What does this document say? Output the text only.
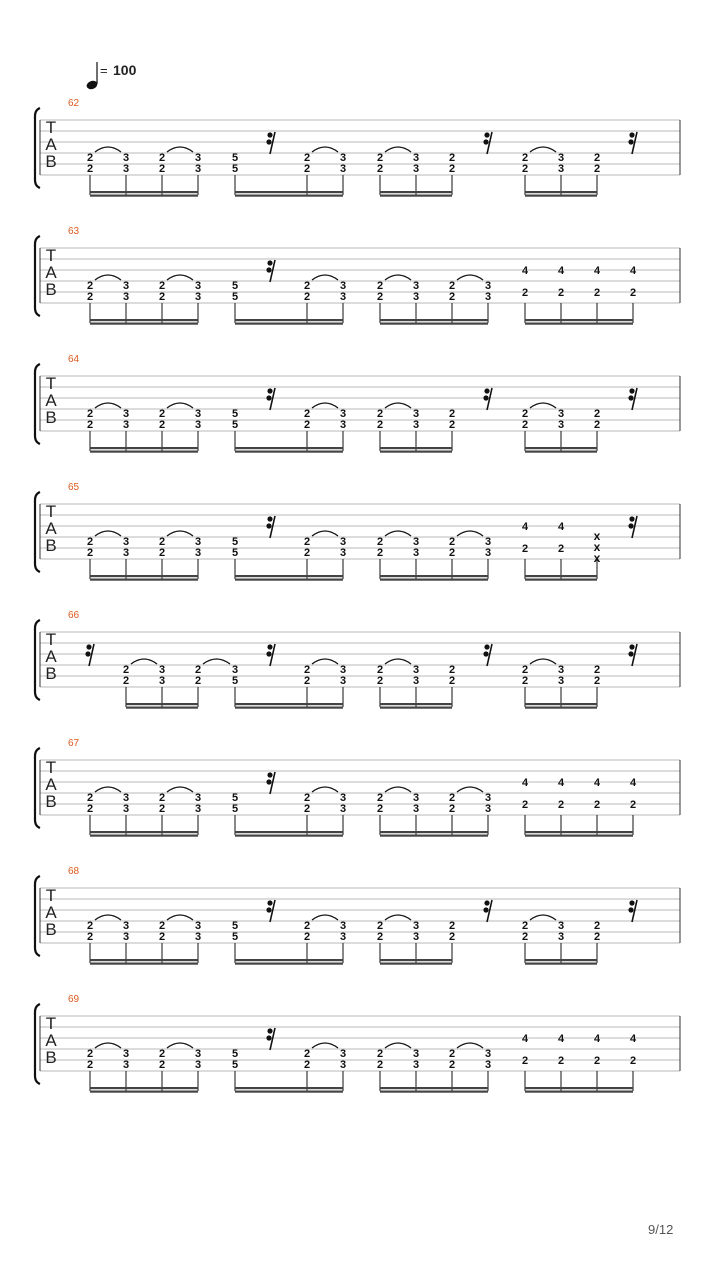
= 100
T
A
B
62
2
2
3
3
2
2
3
3
5
5
2
2
3
3
2
2
3
3
2
2
2
2
3
3
2
2
T
A
B
63
2
2
3
3
2
2
3
3
5
5
2
2
3
3
2
2
3
3
2
2
3
3
4
2
4
2
4
2
4
2
T
A
B
64
2
2
3
3
2
2
3
3
5
5
2
2
3
3
2
2
3
3
2
2
2
2
3
3
2
2
T
A
B
65
2
2
3
3
2
2
3
3
5
5
2
2
3
3
2
2
3
3
2
2
3
3
4
2
4
2
x
x
x
T
A
B
66
2
2
3
3
2
2
3
5
2
2
3
3
2
2
3
3
2
2
2
2
3
3
2
2
T
A
B
67
2
2
3
3
2
2
3
3
5
5
2
2
3
3
2
2
3
3
2
2
3
3
4
2
4
2
4
2
4
2
T
A
B
68
2
2
3
3
2
2
3
3
5
5
2
2
3
3
2
2
3
3
2
2
2
2
3
3
2
2
T
A
B
69
2
2
3
3
2
2
3
3
5
5
2
2
3
3
2
2
3
3
2
2
3
3
4
2
4
2
4
2
4
2
9/12
